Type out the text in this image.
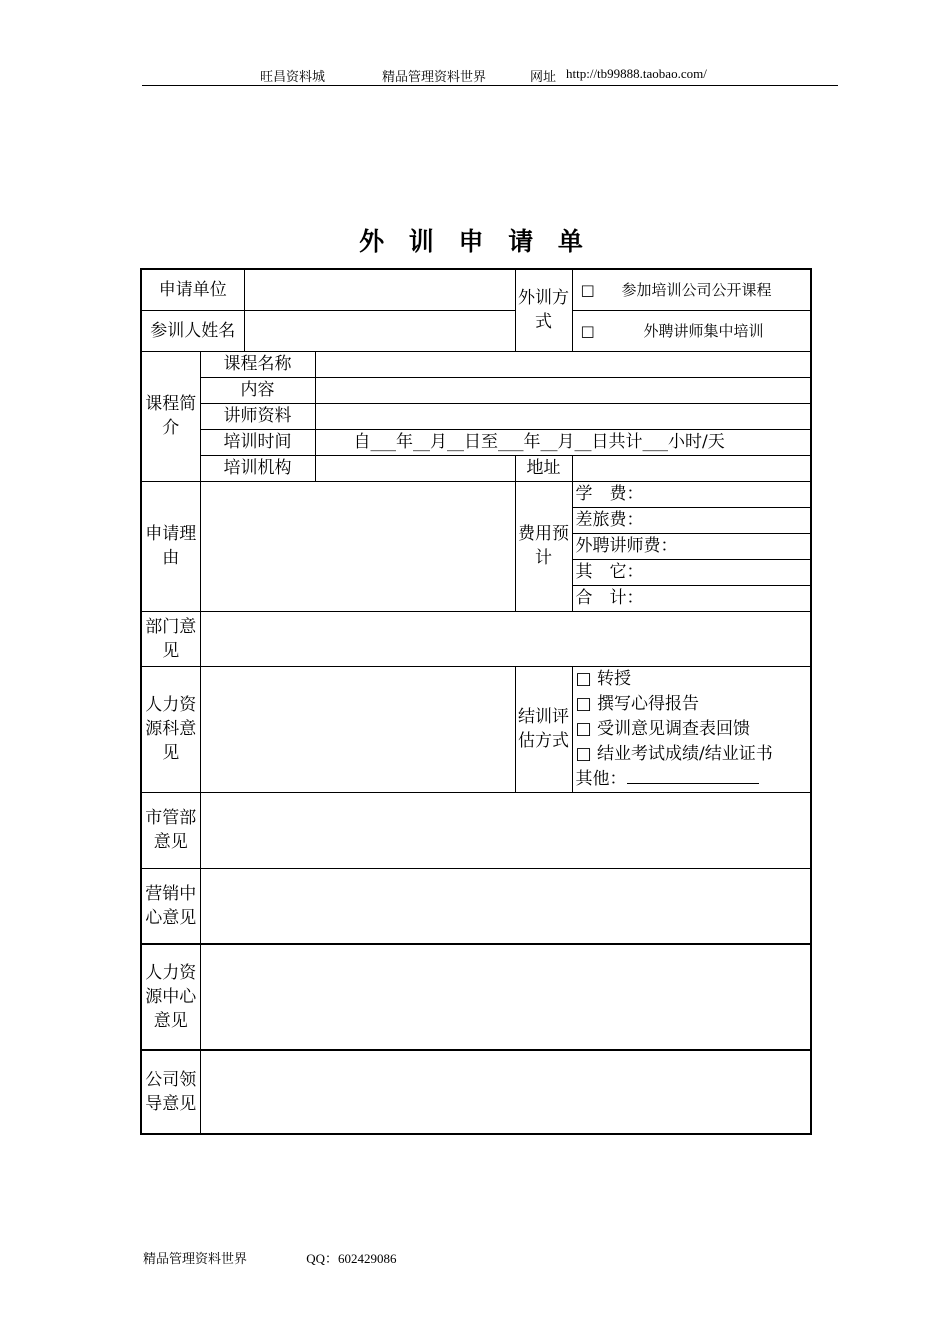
旺昌资料城	精品管理资料世界	网址 http://tb99888.taobao.com/
外 训 申 请 单
申请单位				外训方式	□ 参加培训公司公开课程
参训人姓名					□ 外聘讲师集中培训
课程简介	课程名称				
	内容				
	讲师资料				
	培训时间		自___年__月__日至___年__月__日共计___小时/天		
	培训机构			地址	
申请理由				费用预计	学　费：
					差旅费：
					外聘讲师费：
					其　它：
					合　计：
部门意见					
人力资源科意见				结训评估方式	□ 转授
□ 撰写心得报告
□ 受训意见调查表回馈
□ 结业考试成绩/结业证书
其他：

市管部意见					
营销中心意见					
人力资源中心意见					
公司领导意见					
精品管理资料世界	QQ：602429086
